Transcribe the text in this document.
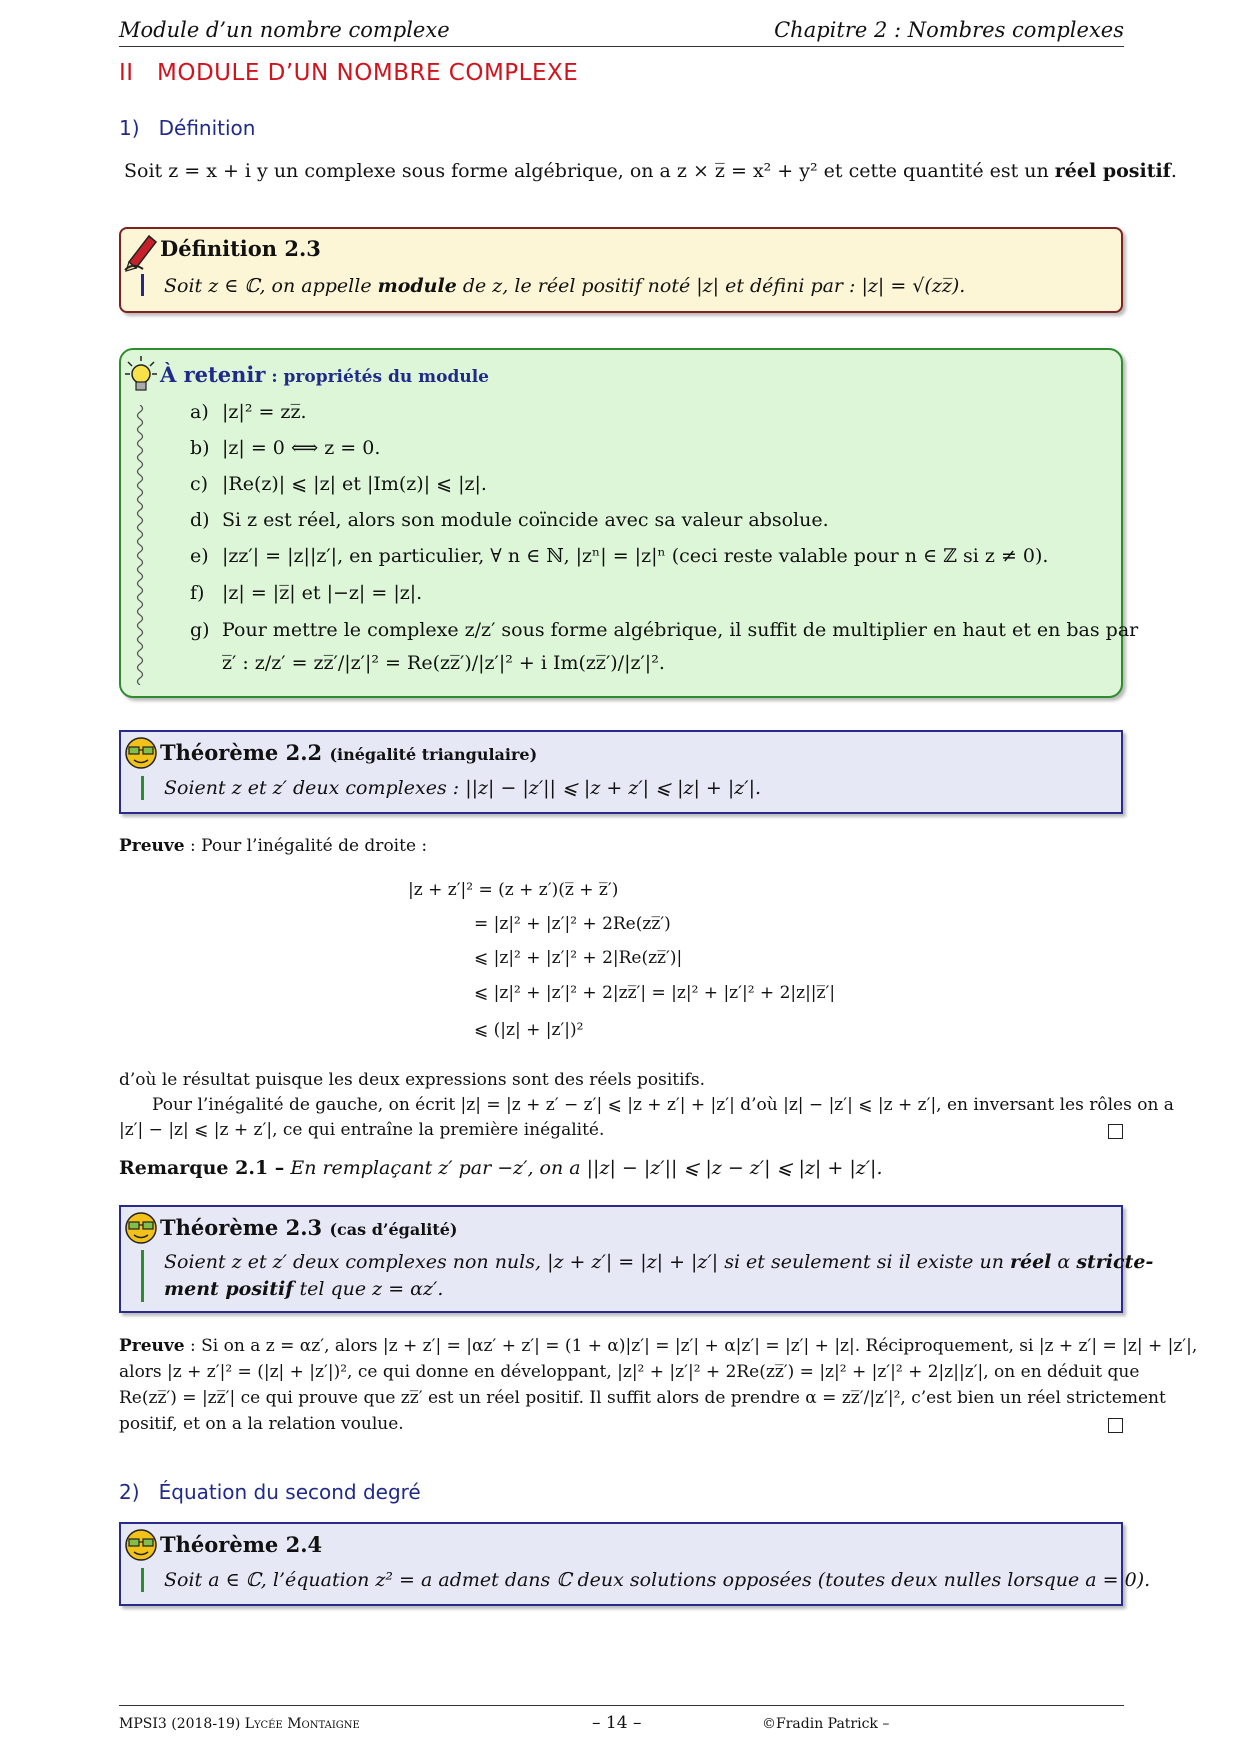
Module d’un nombre complexe	Chapitre 2 : Nombres complexes
II MODULE D’UN NOMBRE COMPLEXE
1) Définition
Soit z = x + i y un complexe sous forme algébrique, on a z × z̅ = x² + y² et cette quantité est un réel positif.
Définition 2.3
Soit z ∈ ℂ, on appelle module de z, le réel positif noté |z| et défini par : |z| = √(zz̅).
À retenir : propriétés du module
a) |z|² = zz̅.
b) |z| = 0 ⟺ z = 0.
c) |Re(z)| ⩽ |z| et |Im(z)| ⩽ |z|.
d) Si z est réel, alors son module coïncide avec sa valeur absolue.
e) |zz′| = |z||z′|, en particulier, ∀ n ∈ ℕ, |zⁿ| = |z|ⁿ (ceci reste valable pour n ∈ ℤ si z ≠ 0).
f) |z| = |z̅| et |−z| = |z|.
g) Pour mettre le complexe z/z′ sous forme algébrique, il suffit de multiplier en haut et en bas par
z̅′ : z/z′ = zz̅′/|z′|² = Re(zz̅′)/|z′|² + i Im(zz̅′)/|z′|².
Théorème 2.2 (inégalité triangulaire)
Soient z et z′ deux complexes : ||z| − |z′|| ⩽ |z + z′| ⩽ |z| + |z′|.
Preuve : Pour l’inégalité de droite :
|z + z′|² = (z + z′)(z̅ + z̅′)
= |z|² + |z′|² + 2Re(zz̅′)
⩽ |z|² + |z′|² + 2|Re(zz̅′)|
⩽ |z|² + |z′|² + 2|zz̅′| = |z|² + |z′|² + 2|z||z̅′|
⩽ (|z| + |z′|)²
d’où le résultat puisque les deux expressions sont des réels positifs.
Pour l’inégalité de gauche, on écrit |z| = |z + z′ − z′| ⩽ |z + z′| + |z′| d’où |z| − |z′| ⩽ |z + z′|, en inversant les rôles on a
|z′| − |z| ⩽ |z + z′|, ce qui entraîne la première inégalité.
Remarque 2.1 – En remplaçant z′ par −z′, on a ||z| − |z′|| ⩽ |z − z′| ⩽ |z| + |z′|.
Théorème 2.3 (cas d’égalité)
Soient z et z′ deux complexes non nuls, |z + z′| = |z| + |z′| si et seulement si il existe un réel α stricte-
ment positif tel que z = αz′.
Preuve : Si on a z = αz′, alors |z + z′| = |αz′ + z′| = (1 + α)|z′| = |z′| + α|z′| = |z′| + |z|. Réciproquement, si |z + z′| = |z| + |z′|,
alors |z + z′|² = (|z| + |z′|)², ce qui donne en développant, |z|² + |z′|² + 2Re(zz̅′) = |z|² + |z′|² + 2|z||z′|, on en déduit que
Re(zz̅′) = |zz̅′| ce qui prouve que zz̅′ est un réel positif. Il suffit alors de prendre α = zz̅′/|z′|², c’est bien un réel strictement
positif, et on a la relation voulue.
2) Équation du second degré
Théorème 2.4
Soit a ∈ ℂ, l’équation z² = a admet dans ℂ deux solutions opposées (toutes deux nulles lorsque a = 0).
MPSI3 (2018-19) Lycée Montaigne	– 14 –	©Fradin Patrick –
